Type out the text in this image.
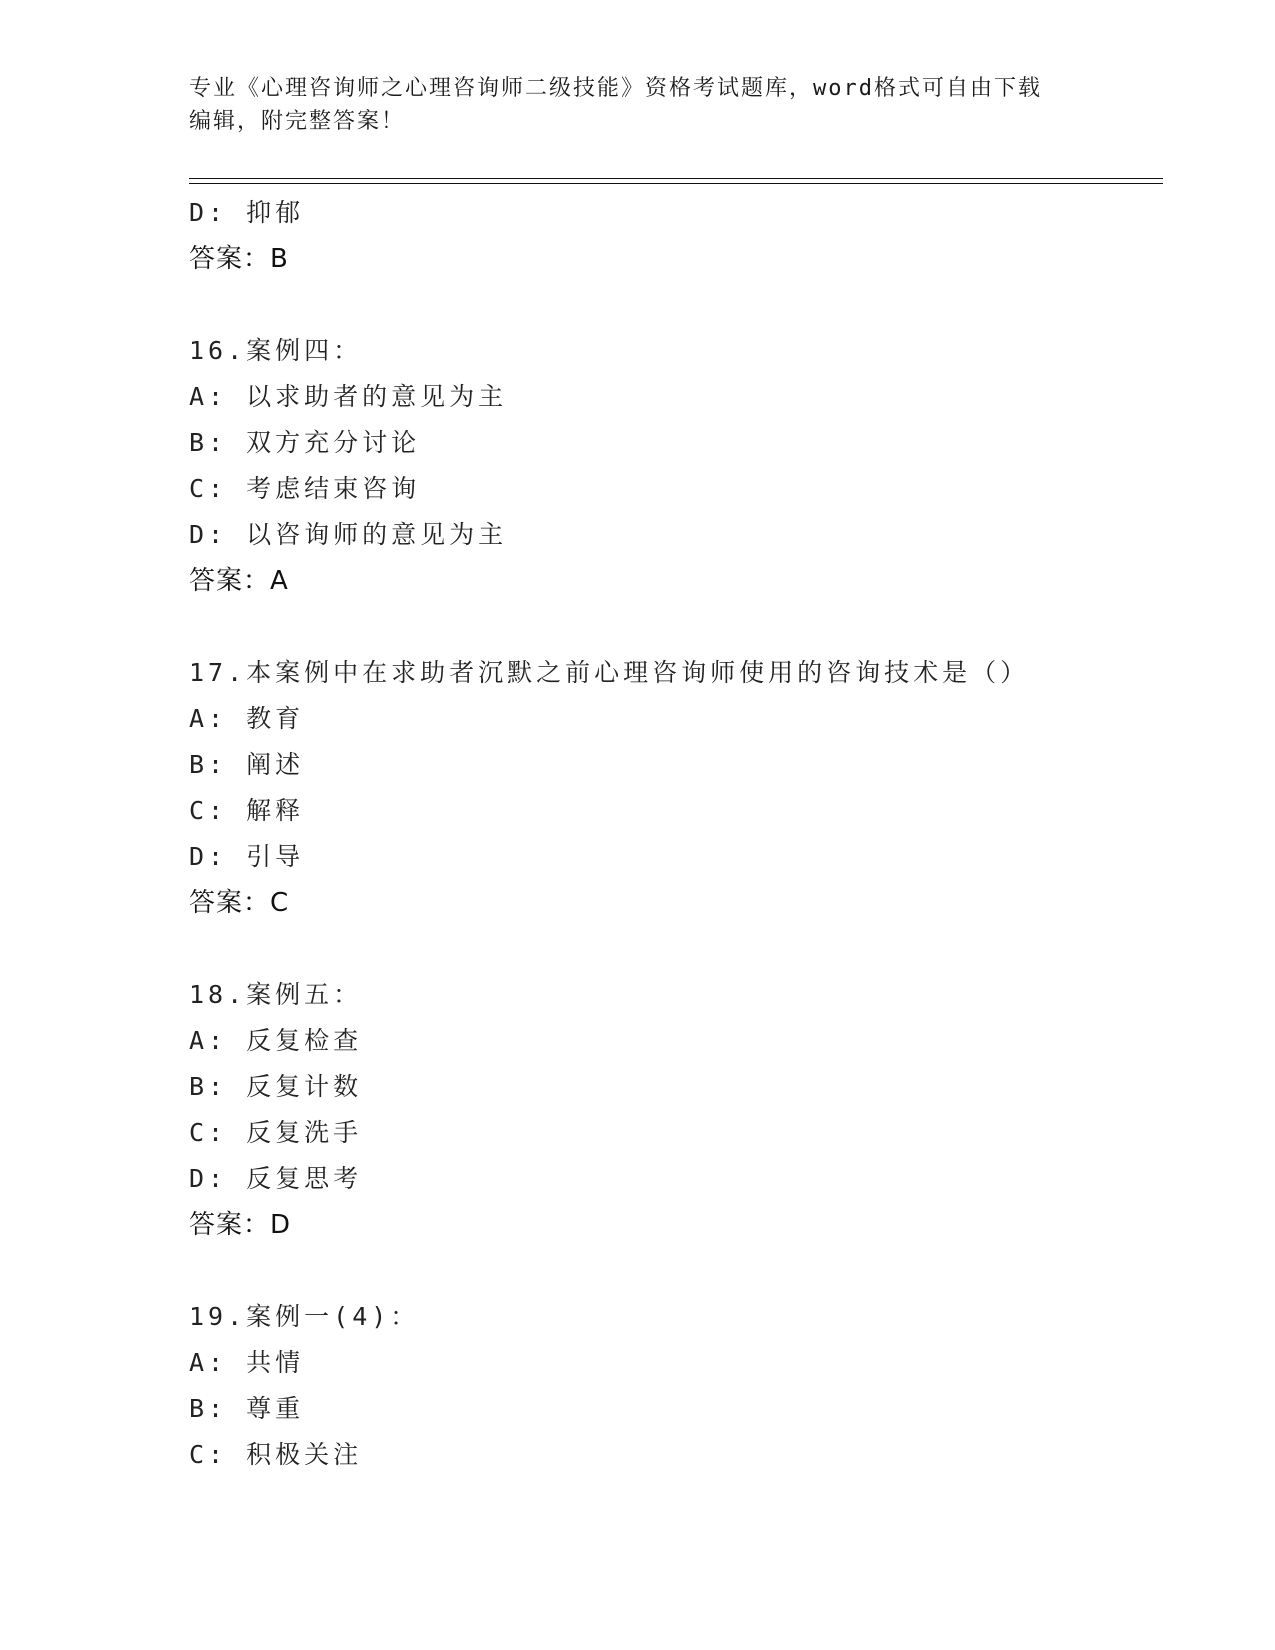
专业《心理咨询师之心理咨询师二级技能》资格考试题库，word格式可自由下载
编辑，附完整答案！
D: 抑郁
答案：B
16.案例四：
A: 以求助者的意见为主
B: 双方充分讨论
C: 考虑结束咨询
D: 以咨询师的意见为主
答案：A
17.本案例中在求助者沉默之前心理咨询师使用的咨询技术是（）
A: 教育
B: 阐述
C: 解释
D: 引导
答案：C
18.案例五：
A: 反复检查
B: 反复计数
C: 反复洗手
D: 反复思考
答案：D
19.案例一(4)：
A: 共情
B: 尊重
C: 积极关注
